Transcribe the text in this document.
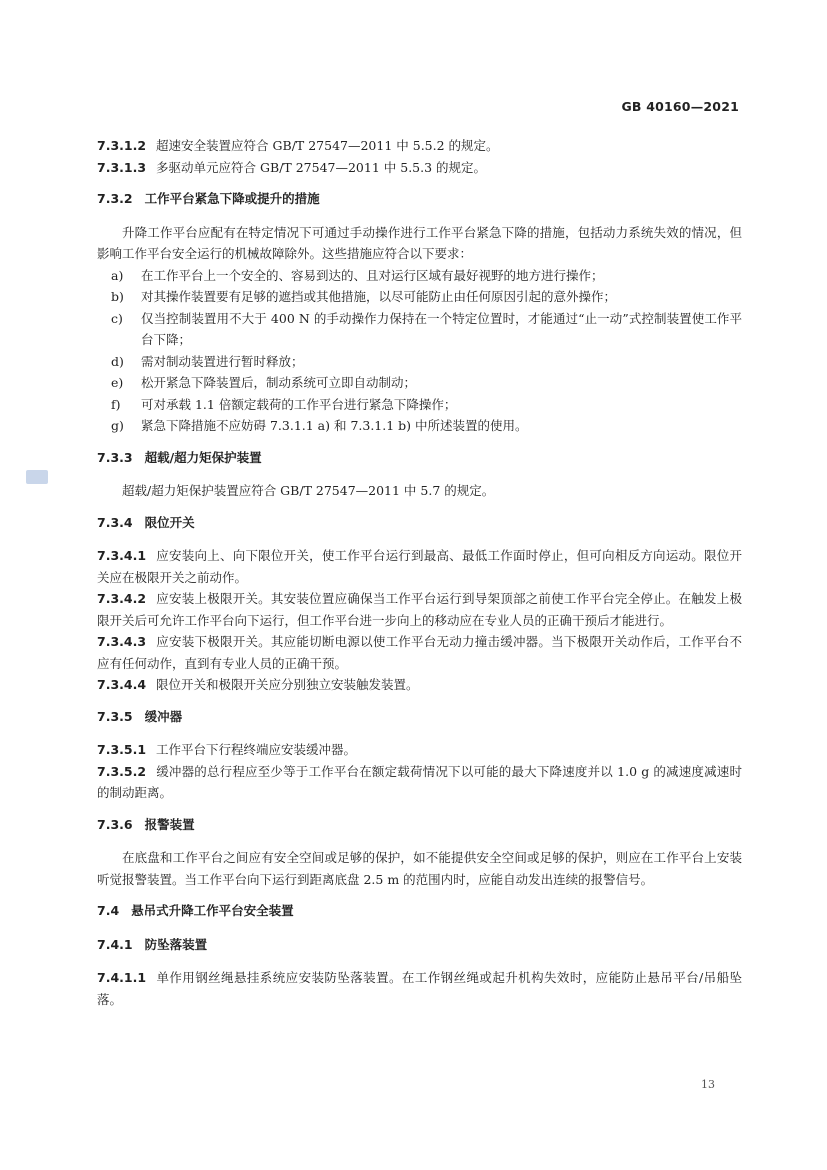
GB 40160—2021

7.3.1.2 超速安全装置应符合 GB/T 27547—2011 中 5.5.2 的规定。

7.3.1.3 多驱动单元应符合 GB/T 27547—2011 中 5.5.3 的规定。

7.3.2 工作平台紧急下降或提升的措施

升降工作平台应配有在特定情况下可通过手动操作进行工作平台紧急下降的措施，包括动力系统失效的情况，但影响工作平台安全运行的机械故障除外。这些措施应符合以下要求：

a) 在工作平台上一个安全的、容易到达的、且对运行区域有最好视野的地方进行操作；
b) 对其操作装置要有足够的遮挡或其他措施，以尽可能防止由任何原因引起的意外操作；
c) 仅当控制装置用不大于 400 N 的手动操作力保持在一个特定位置时，才能通过“止一动”式控制装置使工作平台下降；
d) 需对制动装置进行暂时释放；
e) 松开紧急下降装置后，制动系统可立即自动制动；
f) 可对承载 1.1 倍额定载荷的工作平台进行紧急下降操作；
g) 紧急下降措施不应妨碍 7.3.1.1 a) 和 7.3.1.1 b) 中所述装置的使用。
7.3.3 超载/超力矩保护装置

超载/超力矩保护装置应符合 GB/T 27547—2011 中 5.7 的规定。

7.3.4 限位开关

7.3.4.1 应安装向上、向下限位开关，使工作平台运行到最高、最低工作面时停止，但可向相反方向运动。限位开关应在极限开关之前动作。

7.3.4.2 应安装上极限开关。其安装位置应确保当工作平台运行到导架顶部之前使工作平台完全停止。在触发上极限开关后可允许工作平台向下运行，但工作平台进一步向上的移动应在专业人员的正确干预后才能进行。

7.3.4.3 应安装下极限开关。其应能切断电源以使工作平台无动力撞击缓冲器。当下极限开关动作后，工作平台不应有任何动作，直到有专业人员的正确干预。

7.3.4.4 限位开关和极限开关应分别独立安装触发装置。

7.3.5 缓冲器

7.3.5.1 工作平台下行程终端应安装缓冲器。

7.3.5.2 缓冲器的总行程应至少等于工作平台在额定载荷情况下以可能的最大下降速度并以 1.0 g 的减速度减速时的制动距离。

7.3.6 报警装置

在底盘和工作平台之间应有安全空间或足够的保护，如不能提供安全空间或足够的保护，则应在工作平台上安装听觉报警装置。当工作平台向下运行到距离底盘 2.5 m 的范围内时，应能自动发出连续的报警信号。

7.4 悬吊式升降工作平台安全装置
7.4.1 防坠落装置

7.4.1.1 单作用钢丝绳悬挂系统应安装防坠落装置。在工作钢丝绳或起升机构失效时，应能防止悬吊平台/吊船坠落。

13
